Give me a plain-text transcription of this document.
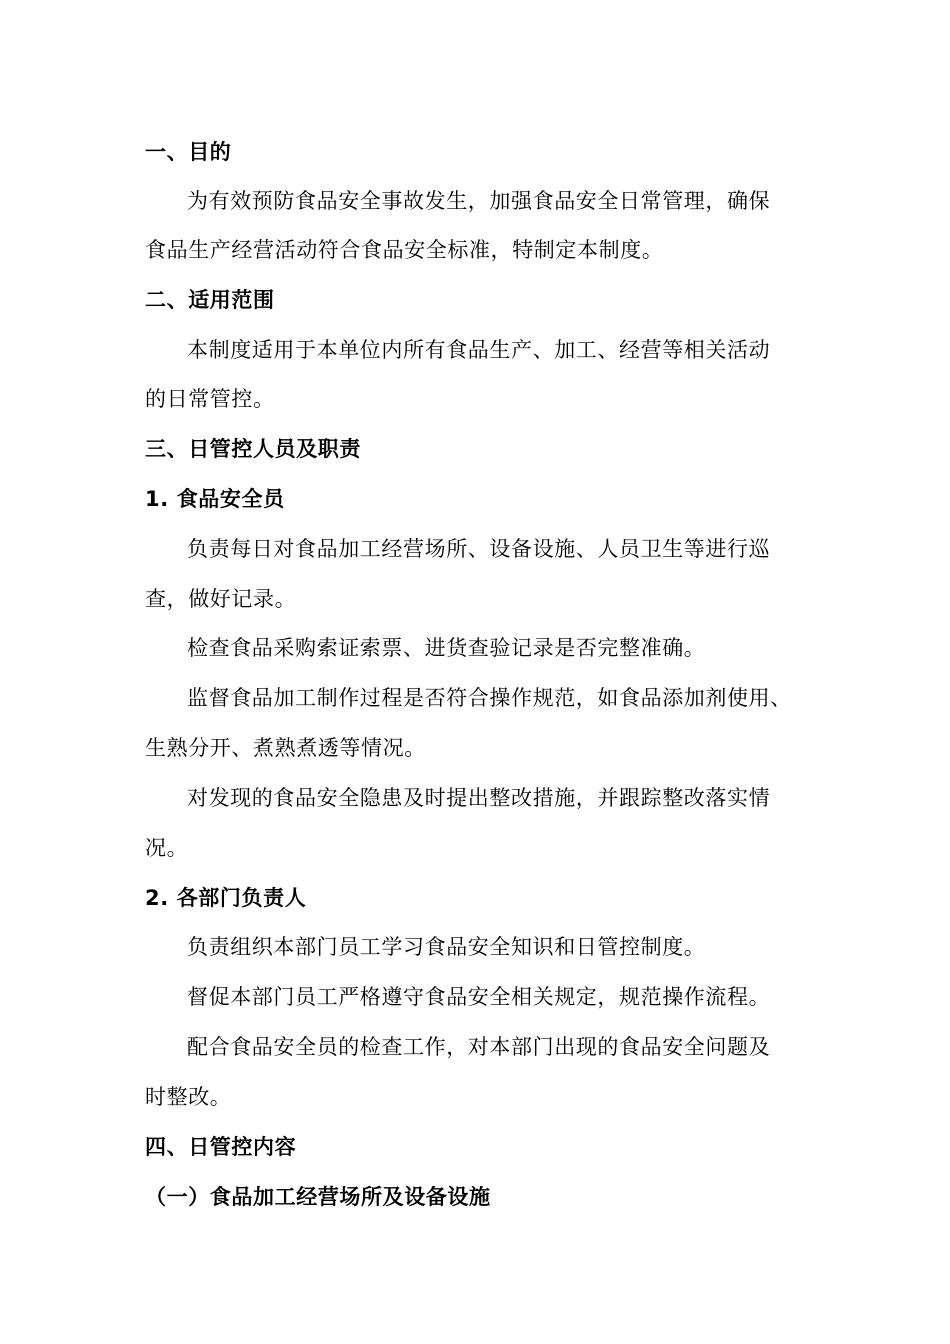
一、目的
为有效预防食品安全事故发生，加强食品安全日常管理，确保
食品生产经营活动符合食品安全标准，特制定本制度。
二、适用范围
本制度适用于本单位内所有食品生产、加工、经营等相关活动
的日常管控。
三、日管控人员及职责
1. 食品安全员
负责每日对食品加工经营场所、设备设施、人员卫生等进行巡
查，做好记录。
检查食品采购索证索票、进货查验记录是否完整准确。
监督食品加工制作过程是否符合操作规范，如食品添加剂使用、
生熟分开、煮熟煮透等情况。
对发现的食品安全隐患及时提出整改措施，并跟踪整改落实情
况。
2. 各部门负责人
负责组织本部门员工学习食品安全知识和日管控制度。
督促本部门员工严格遵守食品安全相关规定，规范操作流程。
配合食品安全员的检查工作，对本部门出现的食品安全问题及
时整改。
四、日管控内容
（一）食品加工经营场所及设备设施
